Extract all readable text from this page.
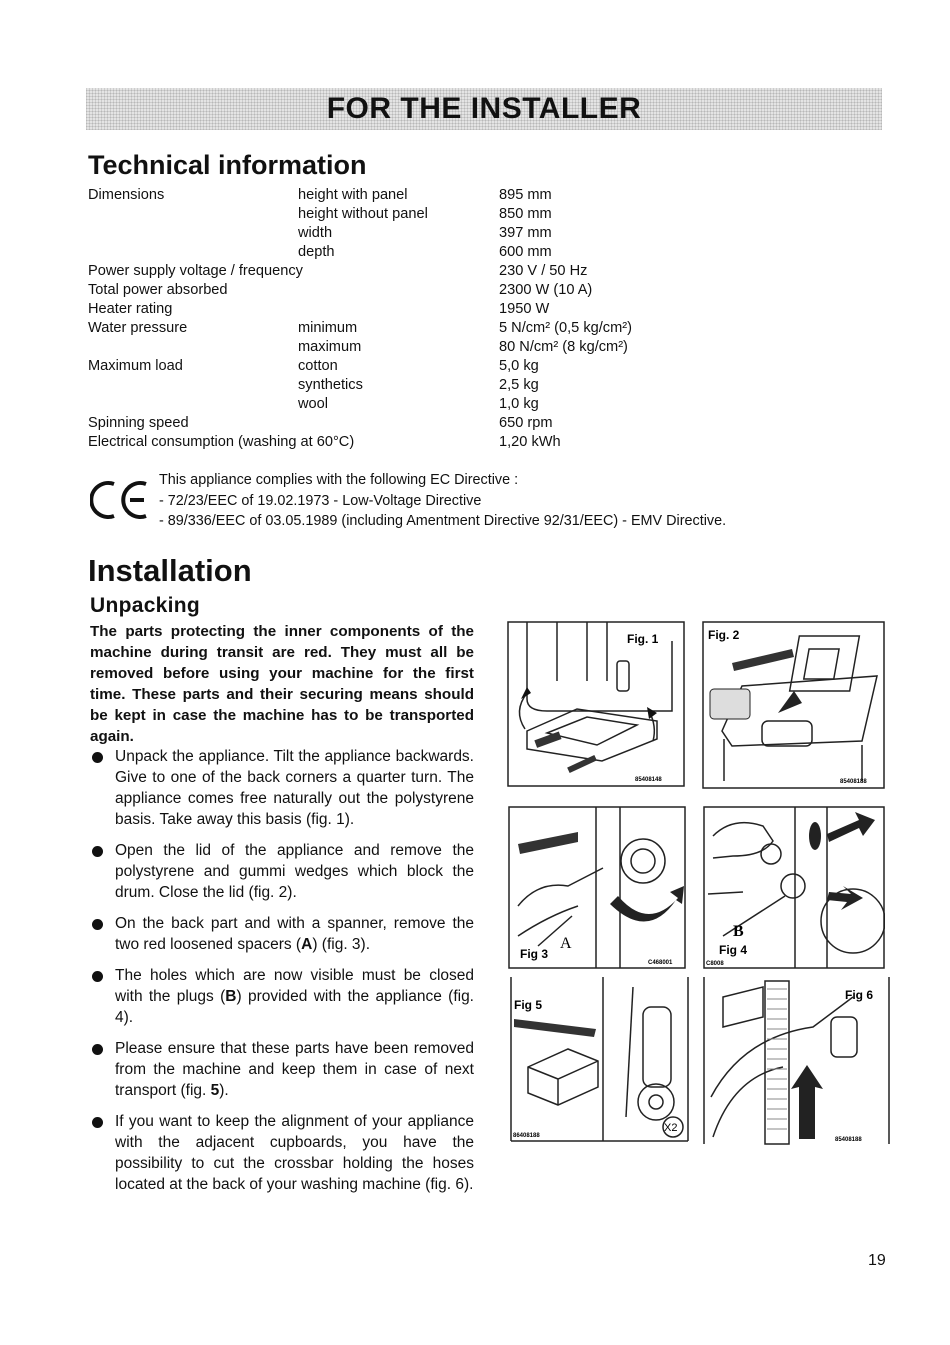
FOR THE INSTALLER
Technical information
Dimensions	height with panel	895 mm
	height without panel	850 mm
	width	397 mm
	depth	600 mm
Power supply voltage / frequency		230 V / 50 Hz
Total power absorbed		2300 W (10 A)
Heater rating		1950 W
Water pressure	minimum	5 N/cm² (0,5 kg/cm²)
	maximum	80 N/cm² (8 kg/cm²)
Maximum load	cotton	5,0 kg
	synthetics	2,5 kg
	wool	1,0 kg
Spinning speed		650 rpm
Electrical consumption (washing at 60°C)		1,20 kWh
This appliance complies with the following EC Directive :
- 72/23/EEC of 19.02.1973 - Low-Voltage Directive
- 89/336/EEC of 03.05.1989 (including Amentment Directive 92/31/EEC) - EMV Directive.
Installation
Unpacking

The parts protecting the inner components of the machine during transit are red. They must all be removed before using your machine for the first time. These parts and their securing means should be kept in case the machine has to be transported again.

Unpack the appliance. Tilt the appliance backwards. Give to one of the back corners a quarter turn. The appliance comes free naturally out the polystyrene basis. Take away this basis (fig. 1).
Open the lid of the appliance and remove the polystyrene and gummi wedges which block the drum. Close the lid (fig. 2).
On the back part and with a spanner, remove the two red loosened spacers (A) (fig. 3).
The holes which are now visible must be closed with the plugs (B) provided with the appliance (fig. 4).
Please ensure that these parts have been removed from the machine and keep them in case of next transport (fig. 5).
If you want to keep the alignment of your appliance with the adjacent cupboards, you have the possibility to cut the crossbar holding the hoses located at the back of your washing machine (fig. 6).
Fig. 1
85408148
Fig. 2
85408188
Fig 3
A
C468001
B
Fig 4
C8008
Fig 5
X2
86408188
Fig 6
85408188
19
